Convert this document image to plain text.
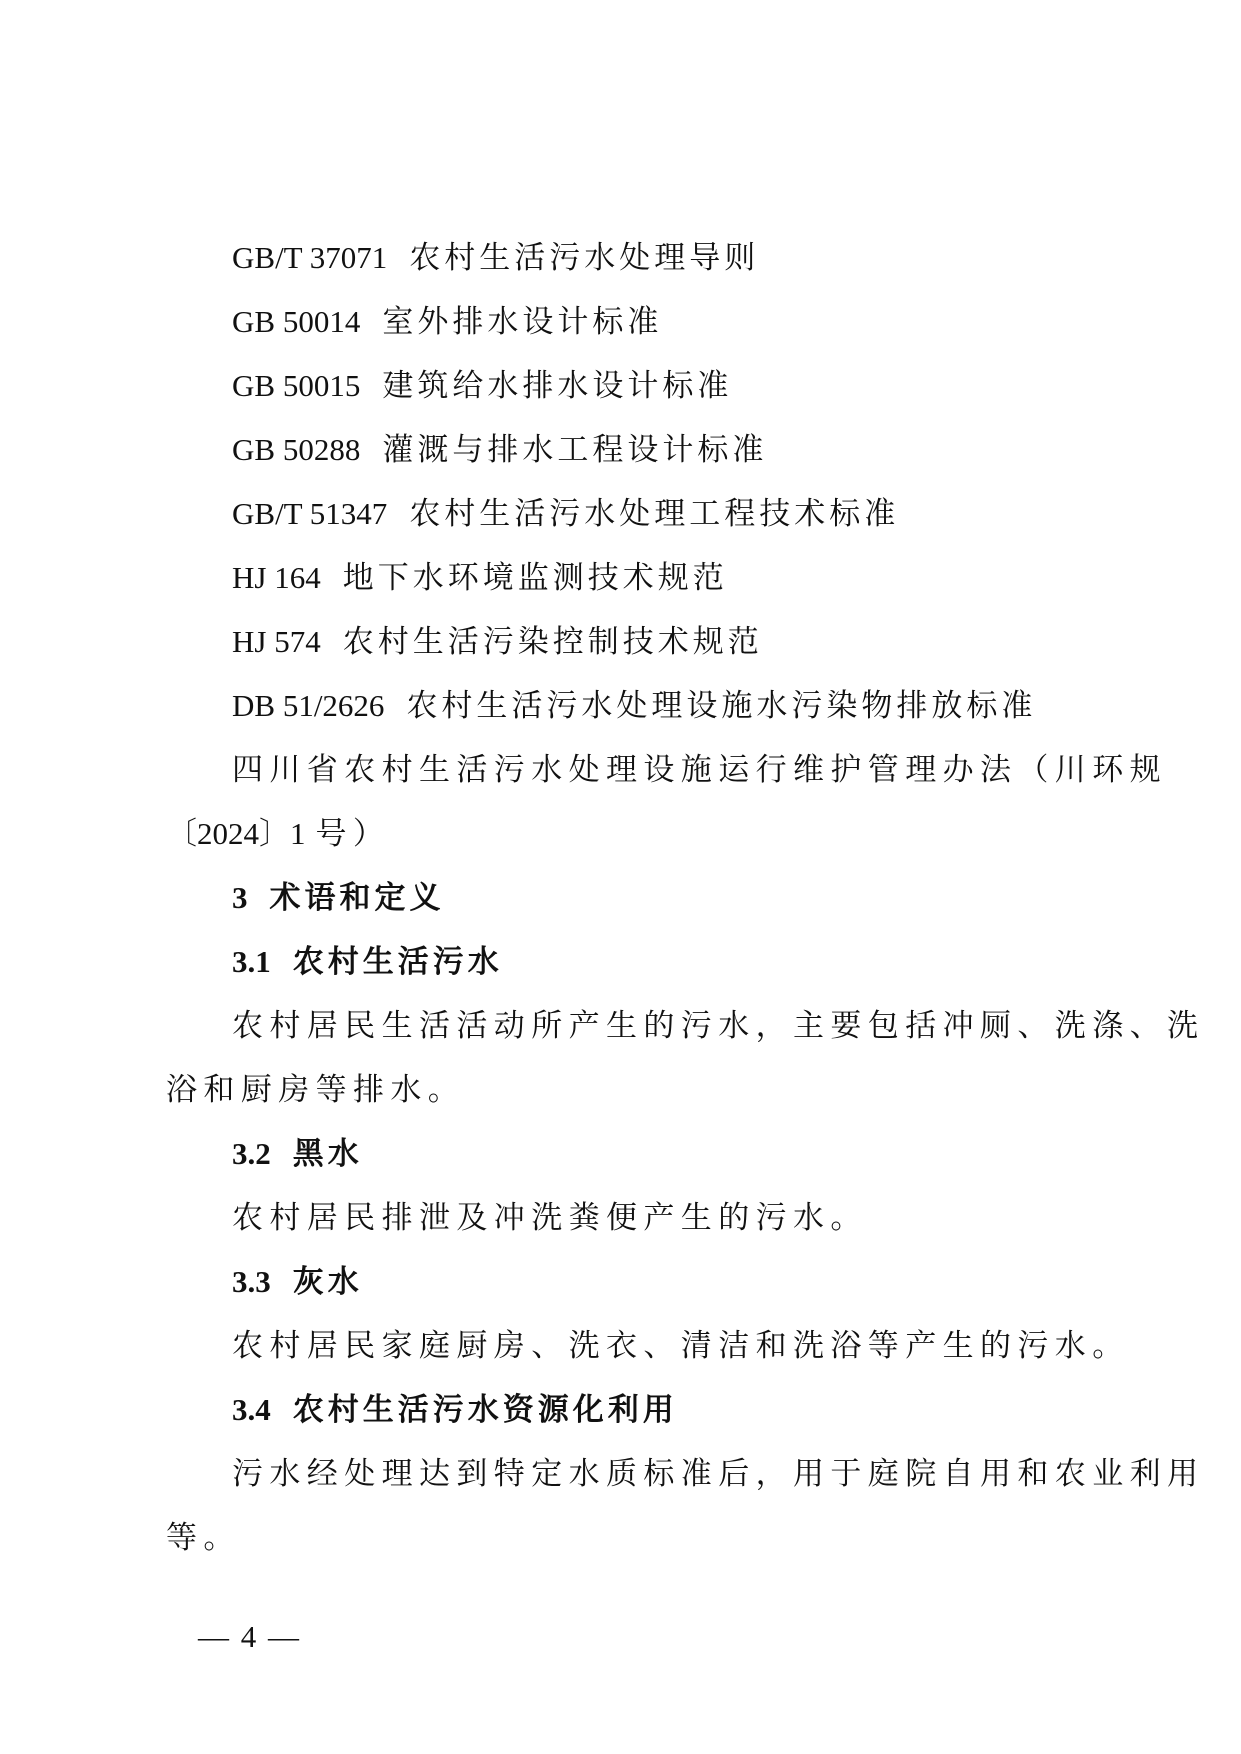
GB/T 37071 农村生活污水处理导则
GB 50014 室外排水设计标准
GB 50015 建筑给水排水设计标准
GB 50288 灌溉与排水工程设计标准
GB/T 51347 农村生活污水处理工程技术标准
HJ 164 地下水环境监测技术规范
HJ 574 农村生活污染控制技术规范
DB 51/2626 农村生活污水处理设施水污染物排放标准
四川省农村生活污水处理设施运行维护管理办法（川环规
〔2024〕1 号）
3 术语和定义
3.1 农村生活污水
农村居民生活活动所产生的污水，主要包括冲厕、洗涤、洗
浴和厨房等排水。
3.2 黑水
农村居民排泄及冲洗粪便产生的污水。
3.3 灰水
农村居民家庭厨房、洗衣、清洁和洗浴等产生的污水。
3.4 农村生活污水资源化利用
污水经处理达到特定水质标准后，用于庭院自用和农业利用
等。
— 4 —
